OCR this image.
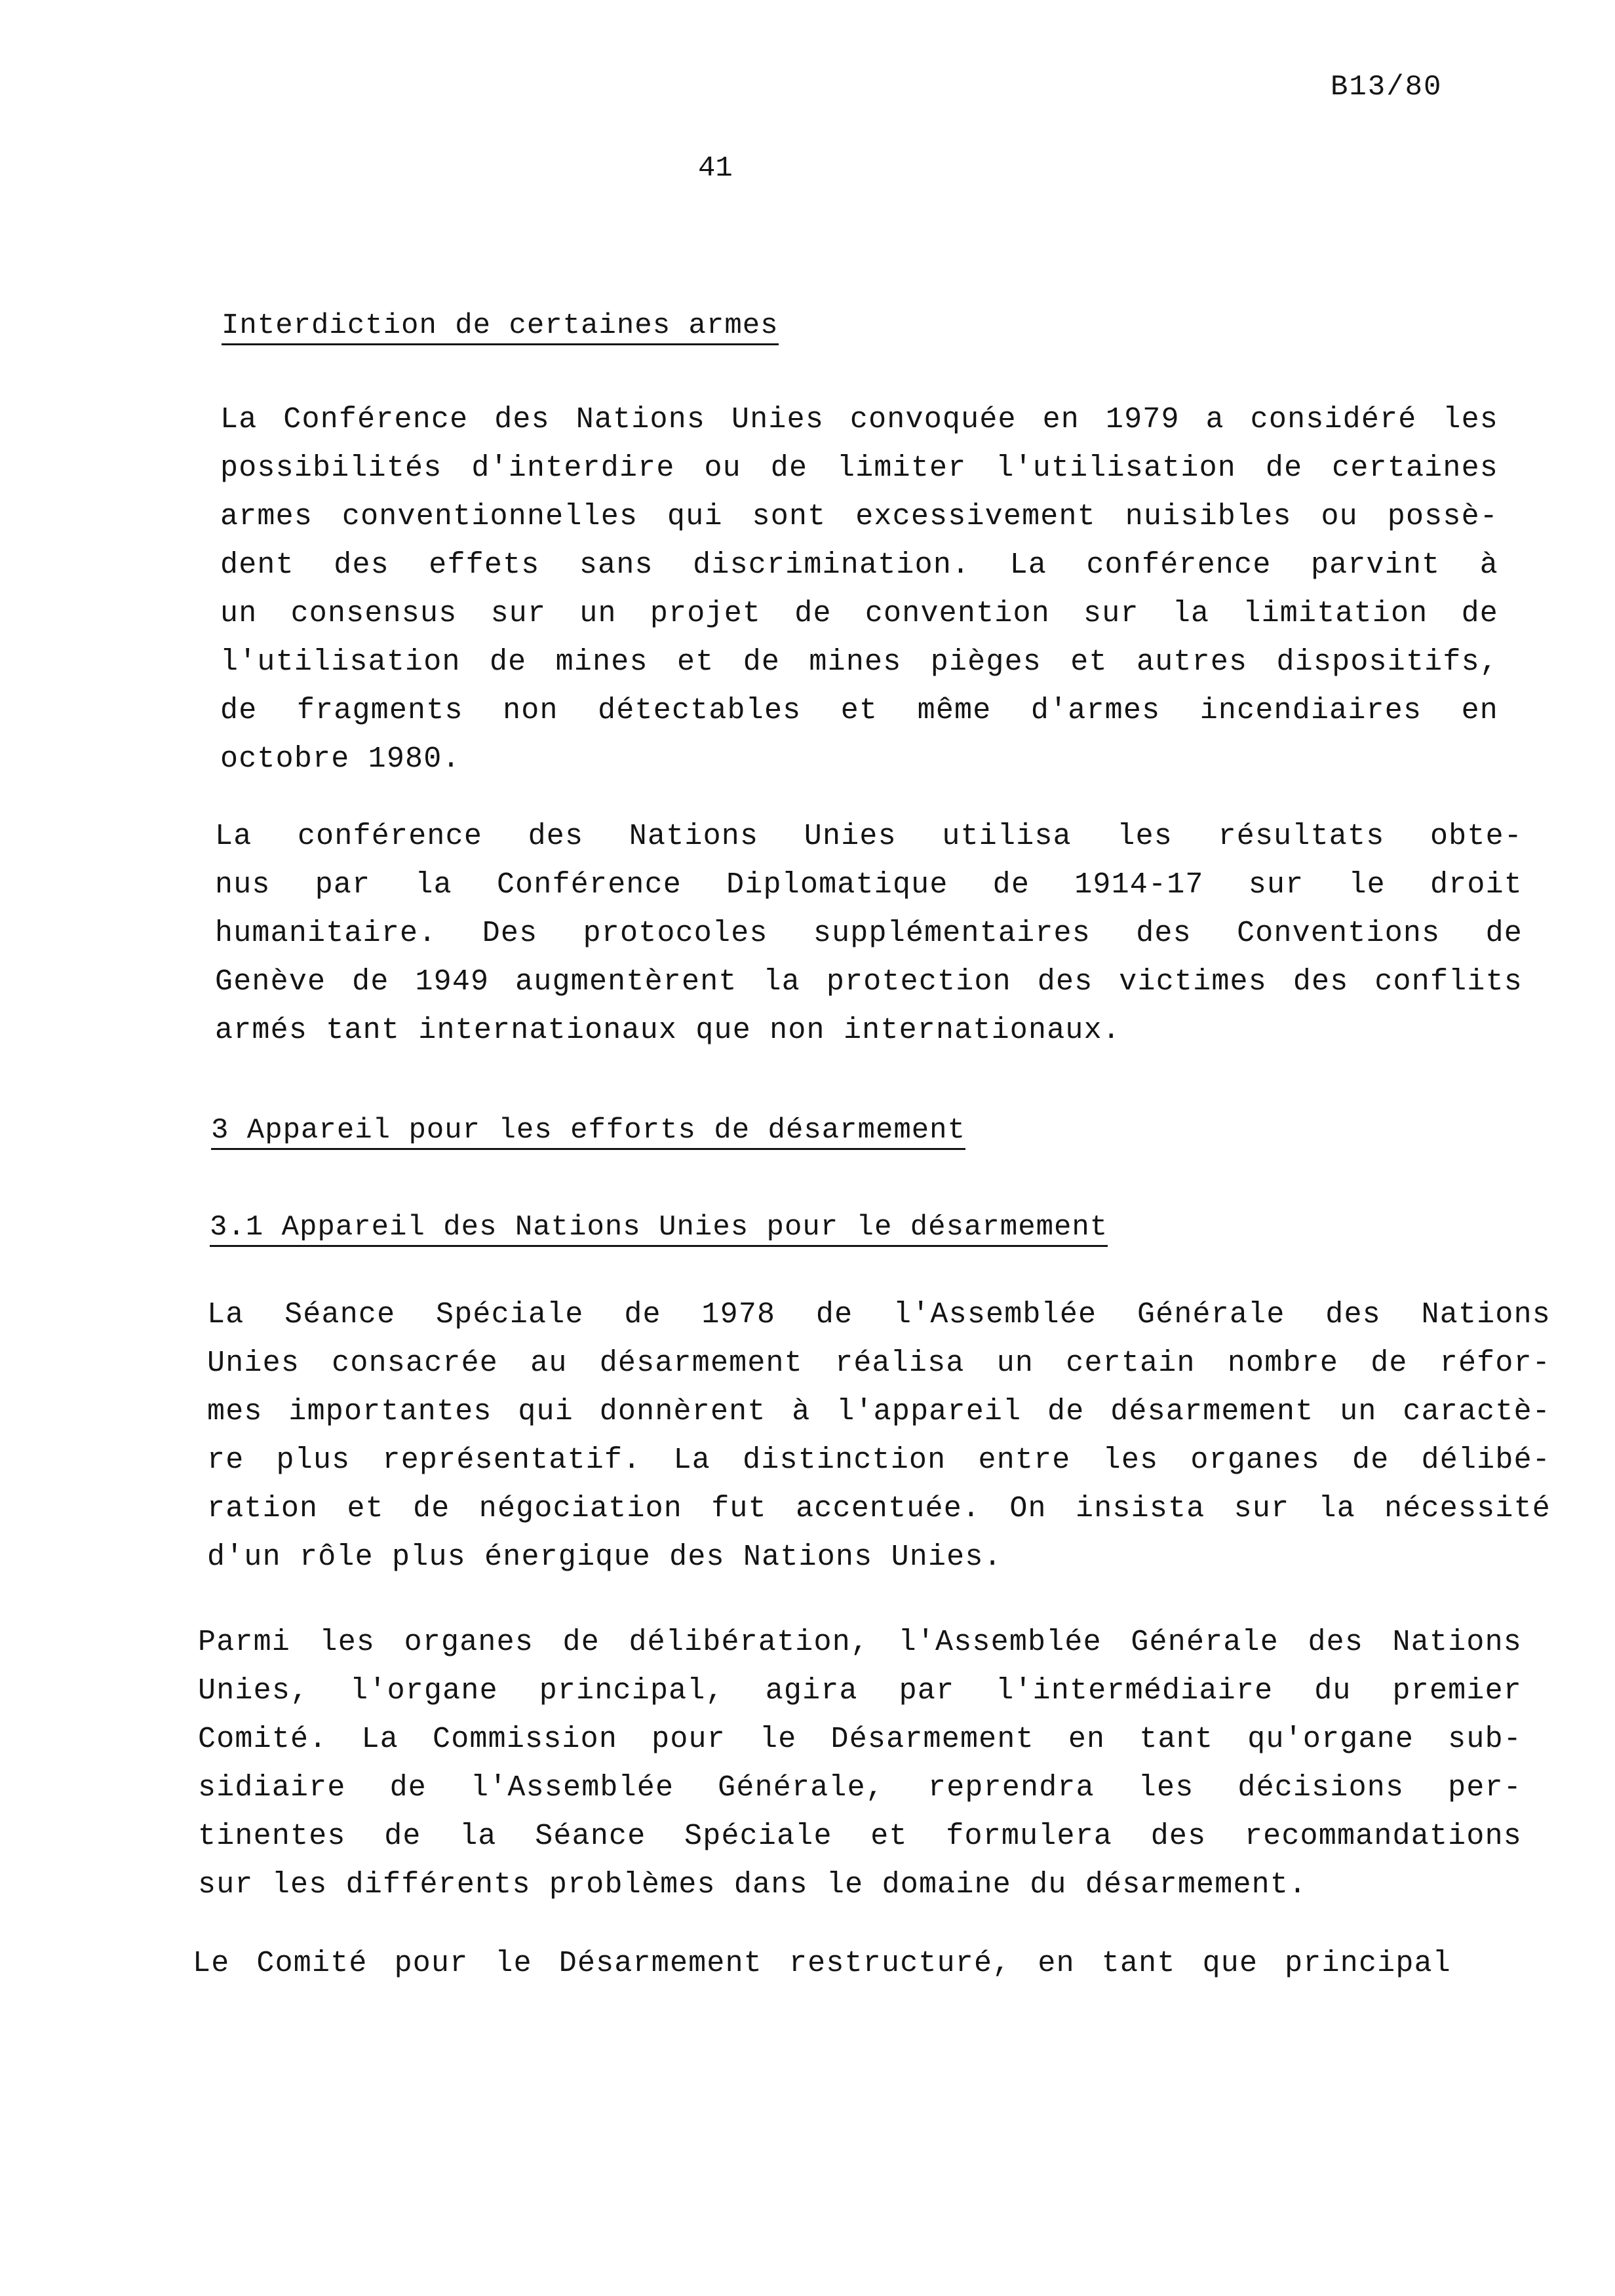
B13/80
41
Interdiction de certaines armes
La Conférence des Nations Unies convoquée en 1979 a considéré les
possibilités d'interdire ou de limiter l'utilisation de certaines
armes conventionnelles qui sont excessivement nuisibles ou possè-
dent des effets sans discrimination. La conférence parvint à
un consensus sur un projet de convention sur la limitation de
l'utilisation de mines et de mines pièges et autres dispositifs,
de fragments non détectables et même d'armes incendiaires en
octobre 1980.
La conférence des Nations Unies utilisa les résultats obte-
nus par la Conférence Diplomatique de 1914-17 sur le droit
humanitaire. Des protocoles supplémentaires des Conventions de
Genève de 1949 augmentèrent la protection des victimes des conflits
armés tant internationaux que non internationaux.
3 Appareil pour les efforts de désarmement
3.1 Appareil des Nations Unies pour le désarmement
La Séance Spéciale de 1978 de l'Assemblée Générale des Nations
Unies consacrée au désarmement réalisa un certain nombre de réfor-
mes importantes qui donnèrent à l'appareil de désarmement un caractè-
re plus représentatif. La distinction entre les organes de délibé-
ration et de négociation fut accentuée. On insista sur la nécessité
d'un rôle plus énergique des Nations Unies.
Parmi les organes de délibération, l'Assemblée Générale des Nations
Unies, l'organe principal, agira par l'intermédiaire du premier
Comité. La Commission pour le Désarmement en tant qu'organe sub-
sidiaire de l'Assemblée Générale, reprendra les décisions per-
tinentes de la Séance Spéciale et formulera des recommandations
sur les différents problèmes dans le domaine du désarmement.
Le Comité pour le Désarmement restructuré, en tant que principal
